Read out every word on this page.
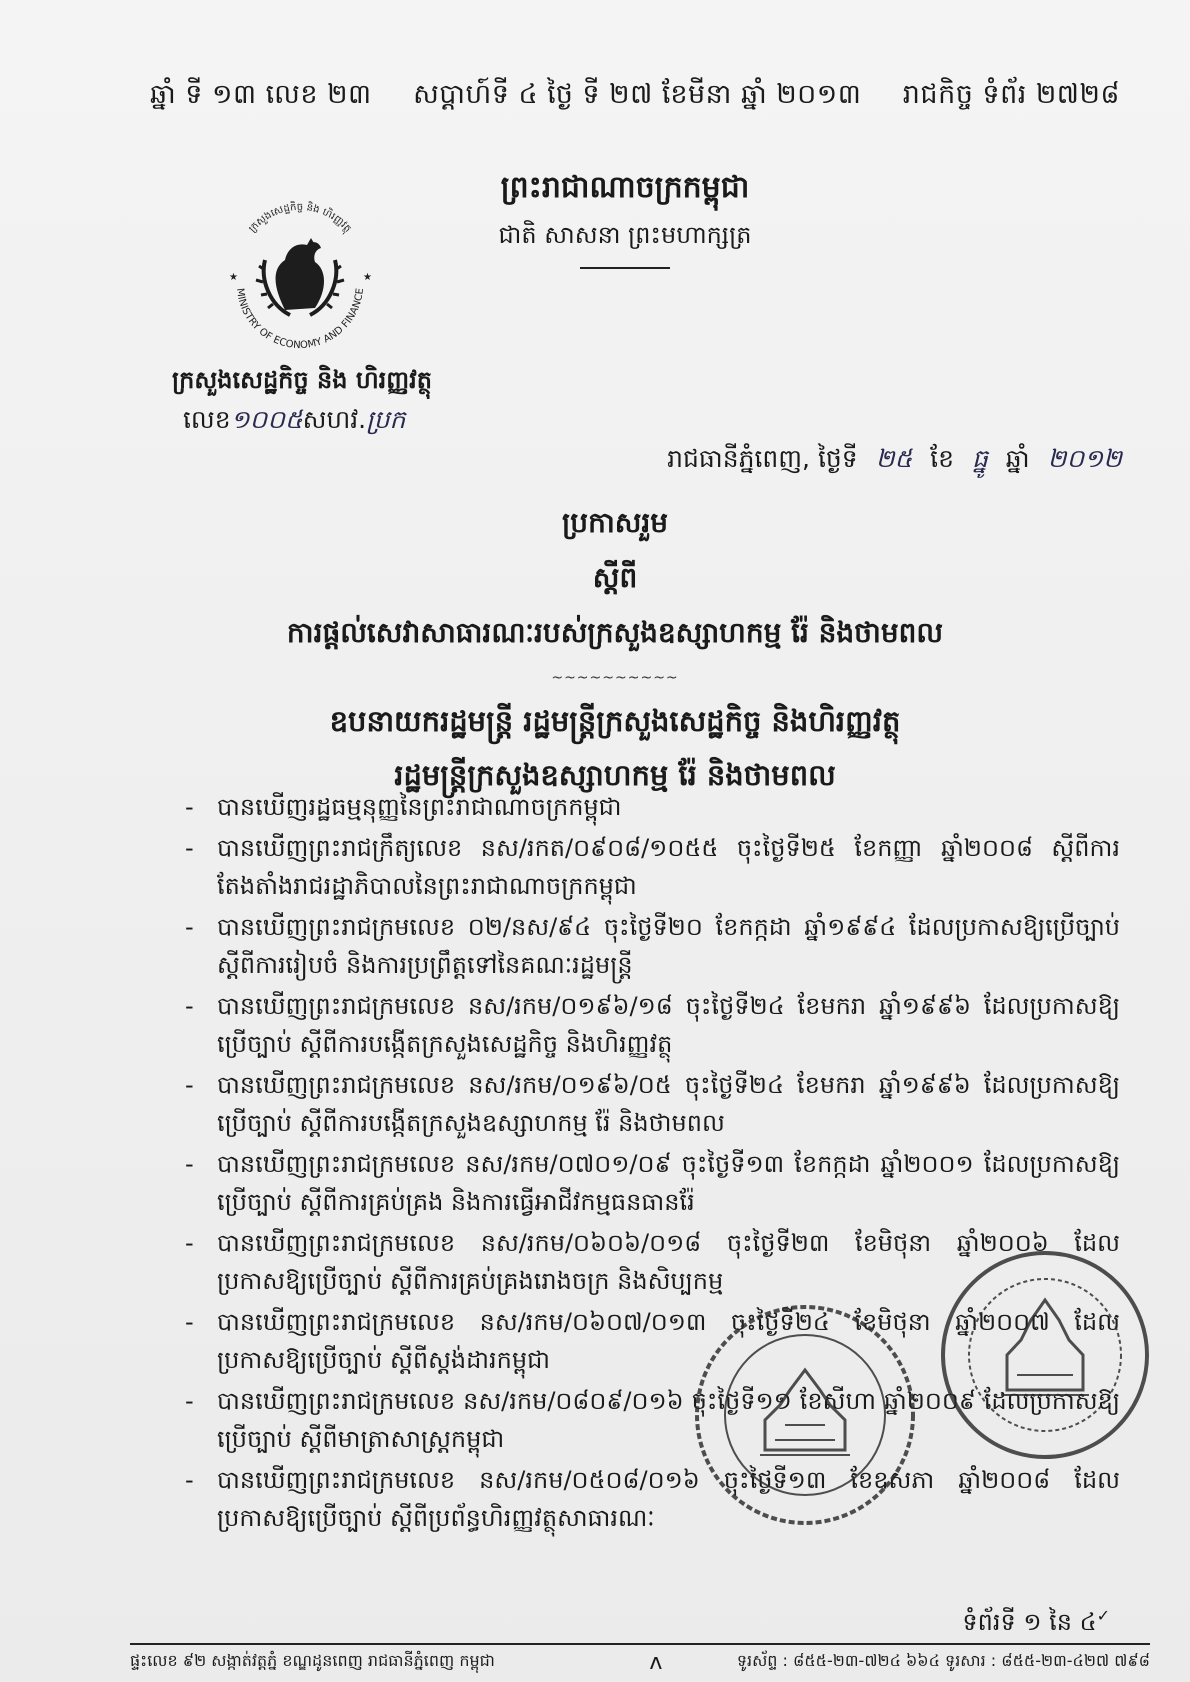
ឆ្នាំ ទី ១៣ លេខ ២៣ សប្តាហ៍ទី ៤ ថ្ងៃ ទី ២៧ ខែមីនា ឆ្នាំ ២០១៣ រាជកិច្ច ទំព័រ ២៧២៨
ព្រះរាជាណាចក្រកម្ពុជា
ជាតិ សាសនា ព្រះមហាក្សត្រ
MINISTRY OF ECONOMY AND FINANCE
ក្រសួងសេដ្ឋកិច្ច និង ហិរញ្ញវត្ថុ
★	★
ក្រសួងសេដ្ឋកិច្ច និង ហិរញ្ញវត្ថុ
លេខ១០០៥សហវ.ប្រក
រាជធានីភ្នំពេញ, ថ្ងៃទី ២៥ ខែ ធ្នូ ឆ្នាំ ២០១២
ប្រកាសរួម
ស្តីពី
ការផ្តល់សេវាសាធារណៈរបស់ក្រសួងឧស្សាហកម្ម រ៉ែ និងថាមពល
~~~~~~~~~~
ឧបនាយករដ្ឋមន្ត្រី រដ្ឋមន្ត្រីក្រសួងសេដ្ឋកិច្ច និងហិរញ្ញវត្ថុ
រដ្ឋមន្ត្រីក្រសួងឧស្សាហកម្ម រ៉ែ និងថាមពល
- បានឃើញរដ្ឋធម្មនុញ្ញនៃព្រះរាជាណាចក្រកម្ពុជា
- បានឃើញព្រះរាជក្រឹត្យលេខ នស/រកត/០៩០៨/១០៥៥ ចុះថ្ងៃទី២៥ ខែកញ្ញា ឆ្នាំ២០០៨ ស្តីពីការតែងតាំងរាជរដ្ឋាភិបាលនៃព្រះរាជាណាចក្រកម្ពុជា
- បានឃើញព្រះរាជក្រមលេខ ០២/នស/៩៤ ចុះថ្ងៃទី២០ ខែកក្កដា ឆ្នាំ១៩៩៤ ដែលប្រកាសឱ្យប្រើច្បាប់ស្តីពីការរៀបចំ និងការប្រព្រឹត្តទៅនៃគណៈរដ្ឋមន្ត្រី
- បានឃើញព្រះរាជក្រមលេខ នស/រកម/០១៩៦/១៨ ចុះថ្ងៃទី២៤ ខែមករា ឆ្នាំ១៩៩៦ ដែលប្រកាសឱ្យប្រើច្បាប់ ស្តីពីការបង្កើតក្រសួងសេដ្ឋកិច្ច និងហិរញ្ញវត្ថុ
- បានឃើញព្រះរាជក្រមលេខ នស/រកម/០១៩៦/០៥ ចុះថ្ងៃទី២៤ ខែមករា ឆ្នាំ១៩៩៦ ដែលប្រកាសឱ្យប្រើច្បាប់ ស្តីពីការបង្កើតក្រសួងឧស្សាហកម្ម រ៉ែ និងថាមពល
- បានឃើញព្រះរាជក្រមលេខ នស/រកម/០៧០១/០៩ ចុះថ្ងៃទី១៣ ខែកក្កដា ឆ្នាំ២០០១ ដែលប្រកាសឱ្យប្រើច្បាប់ ស្តីពីការគ្រប់គ្រង និងការធ្វើអាជីវកម្មធនធានរ៉ែ
- បានឃើញព្រះរាជក្រមលេខ នស/រកម/០៦០៦/០១៨ ចុះថ្ងៃទី២៣ ខែមិថុនា ឆ្នាំ២០០៦ ដែលប្រកាសឱ្យប្រើច្បាប់ ស្តីពីការគ្រប់គ្រងរោងចក្រ និងសិប្បកម្ម
- បានឃើញព្រះរាជក្រមលេខ នស/រកម/០៦០៧/០១៣ ចុះថ្ងៃទី២៤ ខែមិថុនា ឆ្នាំ២០០៧ ដែលប្រកាសឱ្យប្រើច្បាប់ ស្តីពីស្តង់ដារកម្ពុជា
- បានឃើញព្រះរាជក្រមលេខ នស/រកម/០៨០៩/០១៦ ចុះថ្ងៃទី១១ ខែសីហា ឆ្នាំ២០០៩ ដែលប្រកាសឱ្យប្រើច្បាប់ ស្តីពីមាត្រាសាស្ត្រកម្ពុជា
- បានឃើញព្រះរាជក្រមលេខ នស/រកម/០៥០៨/០១៦ ចុះថ្ងៃទី១៣ ខែឧសភា ឆ្នាំ២០០៨ ដែលប្រកាសឱ្យប្រើច្បាប់ ស្តីពីប្រព័ន្ធហិរញ្ញវត្ថុសាធារណៈ
ទំព័រទី ១ នៃ ៤✓
ផ្ទះលេខ ៩២ សង្កាត់វត្តភ្នំ ខណ្ឌដូនពេញ រាជធានីភ្នំពេញ កម្ពុជា	ʌ	ទូរស័ព្ទ : ៨៥៥-២៣-៧២៤ ៦៦៤ ទូរសារ : ៨៥៥-២៣-៤២៧ ៧៩៨
